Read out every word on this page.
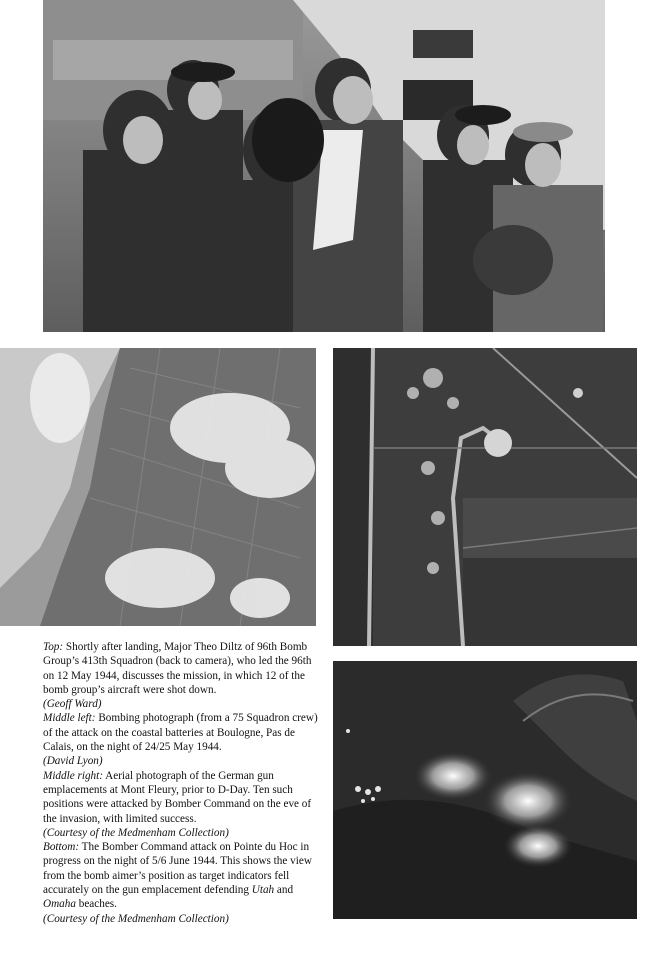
Top: Shortly after landing, Major Theo Diltz of 96th Bomb Group’s 413th Squadron (back to camera), who led the 96th on 12 May 1944, discusses the mission, in which 12 of the bomb group’s aircraft were shot down.
(Geoff Ward)

Middle left: Bombing photograph (from a 75 Squadron crew) of the attack on the coastal batteries at Boulogne, Pas de Calais, on the night of 24/25 May 1944.
(David Lyon)

Middle right: Aerial photograph of the German gun emplacements at Mont Fleury, prior to D-Day. Ten such positions were attacked by Bomber Command on the eve of the invasion, with limited success.
(Courtesy of the Medmenham Collection)

Bottom: The Bomber Command attack on Pointe du Hoc in progress on the night of 5/6 June 1944. This shows the view from the bomb aimer’s position as target indicators fell accurately on the gun emplacement defending Utah and Omaha beaches.
(Courtesy of the Medmenham Collection)
